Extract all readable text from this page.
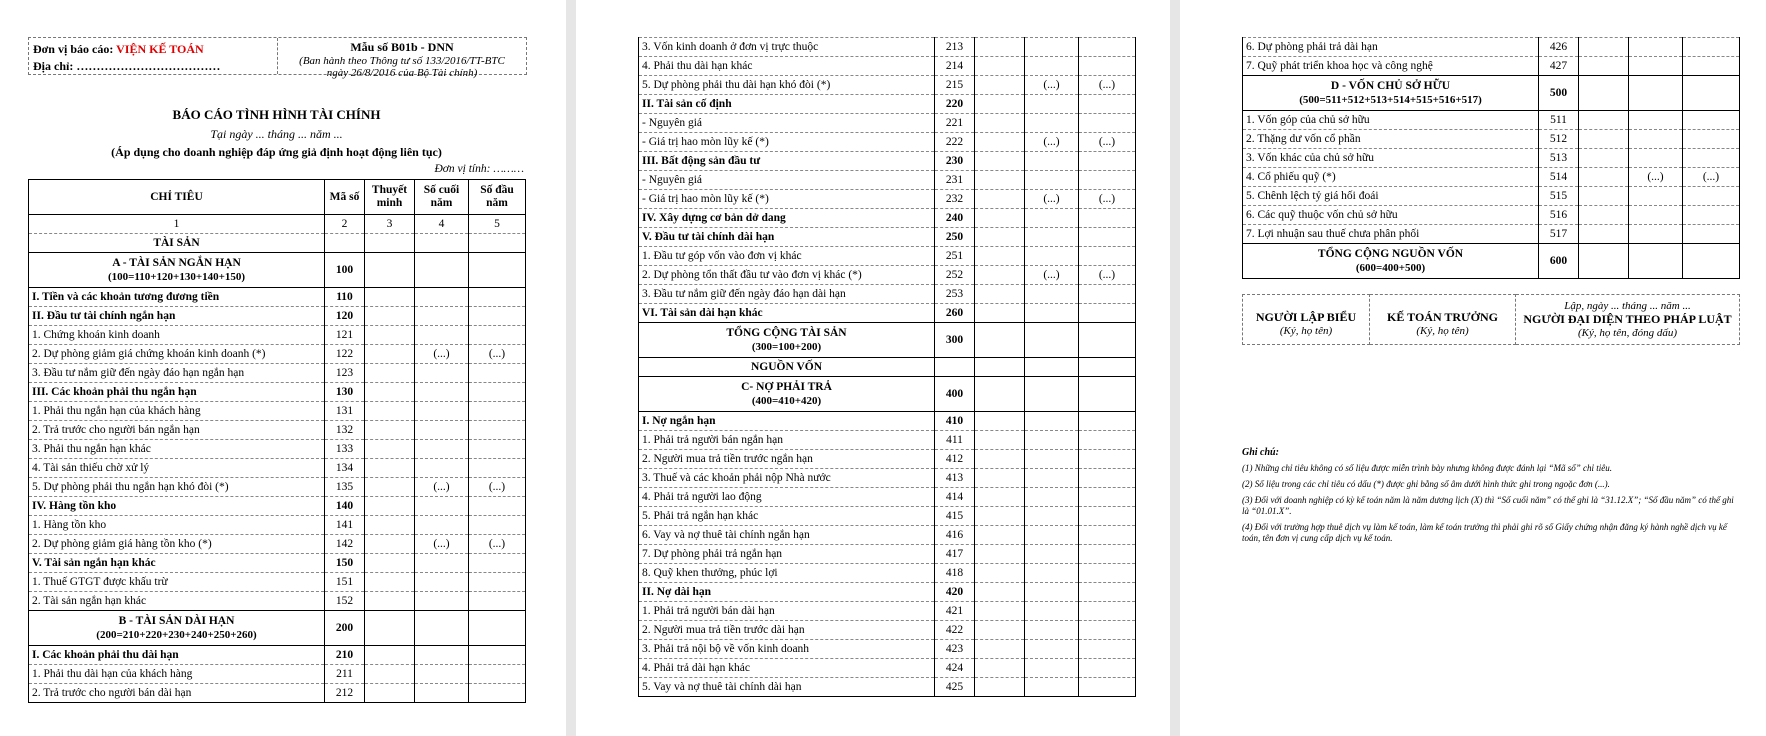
Đơn vị báo cáo: VIỆN KẾ TOÁN
Địa chỉ: ………………………………
Mẫu số B01b - DNN
(Ban hành theo Thông tư số 133/2016/TT-BTC
ngày 26/8/2016 của Bộ Tài chính)
BÁO CÁO TÌNH HÌNH TÀI CHÍNH
Tại ngày ... tháng ... năm ...
(Áp dụng cho doanh nghiệp đáp ứng giả định hoạt động liên tục)
Đơn vị tính: ………
CHỈ TIÊU	Mã số	Thuyết minh	Số cuối năm	Số đầu năm
1	2	3	4	5
TÀI SẢN				
A - TÀI SẢN NGẮN HẠN
(100=110+120+130+140+150)	100			
I. Tiền và các khoản tương đương tiền	110			
II. Đầu tư tài chính ngắn hạn	120			
1. Chứng khoán kinh doanh	121			
2. Dự phòng giảm giá chứng khoán kinh doanh (*)	122		(...)	(...)
3. Đầu tư nắm giữ đến ngày đáo hạn ngắn hạn	123			
III. Các khoản phải thu ngắn hạn	130			
1. Phải thu ngắn hạn của khách hàng	131			
2. Trả trước cho người bán ngắn hạn	132			
3. Phải thu ngắn hạn khác	133			
4. Tài sản thiếu chờ xử lý	134			
5. Dự phòng phải thu ngắn hạn khó đòi (*)	135		(...)	(...)
IV. Hàng tồn kho	140			
1. Hàng tồn kho	141			
2. Dự phòng giảm giá hàng tồn kho (*)	142		(...)	(...)
V. Tài sản ngắn hạn khác	150			
1. Thuế GTGT được khấu trừ	151			
2. Tài sản ngắn hạn khác	152			
B - TÀI SẢN DÀI HẠN
(200=210+220+230+240+250+260)	200			
I. Các khoản phải thu dài hạn	210			
1. Phải thu dài hạn của khách hàng	211			
2. Trả trước cho người bán dài hạn	212			
3. Vốn kinh doanh ở đơn vị trực thuộc	213			
4. Phải thu dài hạn khác	214			
5. Dự phòng phải thu dài hạn khó đòi (*)	215		(...)	(...)
II. Tài sản cố định	220			
- Nguyên giá	221			
- Giá trị hao mòn lũy kế (*)	222		(...)	(...)
III. Bất động sản đầu tư	230			
- Nguyên giá	231			
- Giá trị hao mòn lũy kế (*)	232		(...)	(...)
IV. Xây dựng cơ bản dở dang	240			
V. Đầu tư tài chính dài hạn	250			
1. Đầu tư góp vốn vào đơn vị khác	251			
2. Dự phòng tổn thất đầu tư vào đơn vị khác (*)	252		(...)	(...)
3. Đầu tư nắm giữ đến ngày đáo hạn dài hạn	253			
VI. Tài sản dài hạn khác	260			
TỔNG CỘNG TÀI SẢN
(300=100+200)	300			
NGUỒN VỐN				
C- NỢ PHẢI TRẢ
(400=410+420)	400			
I. Nợ ngắn hạn	410			
1. Phải trả người bán ngắn hạn	411			
2. Người mua trả tiền trước ngắn hạn	412			
3. Thuế và các khoản phải nộp Nhà nước	413			
4. Phải trả người lao động	414			
5. Phải trả ngắn hạn khác	415			
6. Vay và nợ thuê tài chính ngắn hạn	416			
7. Dự phòng phải trả ngắn hạn	417			
8. Quỹ khen thưởng, phúc lợi	418			
II. Nợ dài hạn	420			
1. Phải trả người bán dài hạn	421			
2. Người mua trả tiền trước dài hạn	422			
3. Phải trả nội bộ về vốn kinh doanh	423			
4. Phải trả dài hạn khác	424			
5. Vay và nợ thuê tài chính dài hạn	425			
6. Dự phòng phải trả dài hạn	426			
7. Quỹ phát triển khoa học và công nghệ	427			
D - VỐN CHỦ SỞ HỮU
(500=511+512+513+514+515+516+517)	500			
1. Vốn góp của chủ sở hữu	511			
2. Thặng dư vốn cổ phần	512			
3. Vốn khác của chủ sở hữu	513			
4. Cổ phiếu quỹ (*)	514		(...)	(...)
5. Chênh lệch tỷ giá hối đoái	515			
6. Các quỹ thuộc vốn chủ sở hữu	516			
7. Lợi nhuận sau thuế chưa phân phối	517			
TỔNG CỘNG NGUỒN VỐN
(600=400+500)	600			
NGƯỜI LẬP BIỂU
(Ký, họ tên)

KẾ TOÁN TRƯỞNG
(Ký, họ tên)

Lập, ngày ... tháng ... năm ...
NGƯỜI ĐẠI DIỆN THEO PHÁP LUẬT
(Ký, họ tên, đóng dấu)
Ghi chú:
(1) Những chỉ tiêu không có số liệu được miễn trình bày nhưng không được đánh lại “Mã số” chỉ tiêu.
(2) Số liệu trong các chỉ tiêu có dấu (*) được ghi bằng số âm dưới hình thức ghi trong ngoặc đơn (...).
(3) Đối với doanh nghiệp có kỳ kế toán năm là năm dương lịch (X) thì “Số cuối năm” có thể ghi là “31.12.X”; “Số đầu năm” có thể ghi là “01.01.X”.
(4) Đối với trường hợp thuê dịch vụ làm kế toán, làm kế toán trưởng thì phải ghi rõ số Giấy chứng nhận đăng ký hành nghề dịch vụ kế toán, tên đơn vị cung cấp dịch vụ kế toán.
